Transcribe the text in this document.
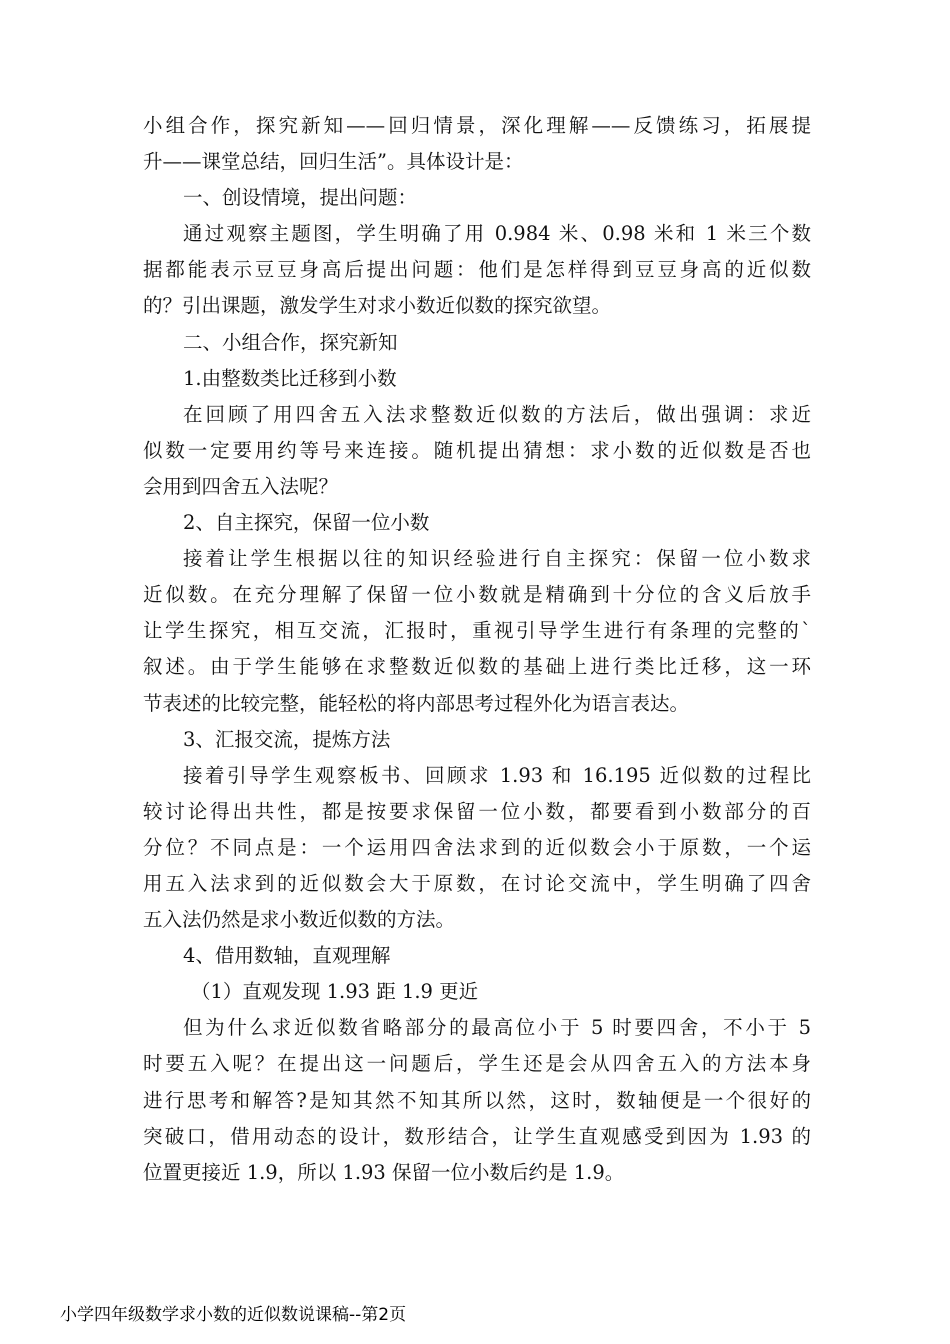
小组合作，探究新知——回归情景，深化理解——反馈练习，拓展提
升——课堂总结，回归生活”。具体设计是：
一、创设情境，提出问题：
通过观察主题图，学生明确了用 0.984 米、0.98 米和 1 米三个数
据都能表示豆豆身高后提出问题：他们是怎样得到豆豆身高的近似数
的？引出课题，激发学生对求小数近似数的探究欲望。
二、小组合作，探究新知
1.由整数类比迁移到小数
在回顾了用四舍五入法求整数近似数的方法后，做出强调：求近
似数一定要用约等号来连接。随机提出猜想：求小数的近似数是否也
会用到四舍五入法呢？
2、自主探究，保留一位小数
接着让学生根据以往的知识经验进行自主探究：保留一位小数求
近似数。在充分理解了保留一位小数就是精确到十分位的含义后放手
让学生探究，相互交流，汇报时，重视引导学生进行有条理的完整的`
叙述。由于学生能够在求整数近似数的基础上进行类比迁移，这一环
节表述的比较完整，能轻松的将内部思考过程外化为语言表达。
3、汇报交流，提炼方法
接着引导学生观察板书、回顾求 1.93 和 16.195 近似数的过程比
较讨论得出共性，都是按要求保留一位小数，都要看到小数部分的百
分位？不同点是：一个运用四舍法求到的近似数会小于原数，一个运
用五入法求到的近似数会大于原数，在讨论交流中，学生明确了四舍
五入法仍然是求小数近似数的方法。
4、借用数轴，直观理解
（1）直观发现 1.93 距 1.9 更近
但为什么求近似数省略部分的最高位小于 5 时要四舍，不小于 5
时要五入呢？在提出这一问题后，学生还是会从四舍五入的方法本身
进行思考和解答?是知其然不知其所以然，这时，数轴便是一个很好的
突破口，借用动态的设计，数形结合，让学生直观感受到因为 1.93 的
位置更接近 1.9，所以 1.93 保留一位小数后约是 1.9。
小学四年级数学求小数的近似数说课稿--第2页
